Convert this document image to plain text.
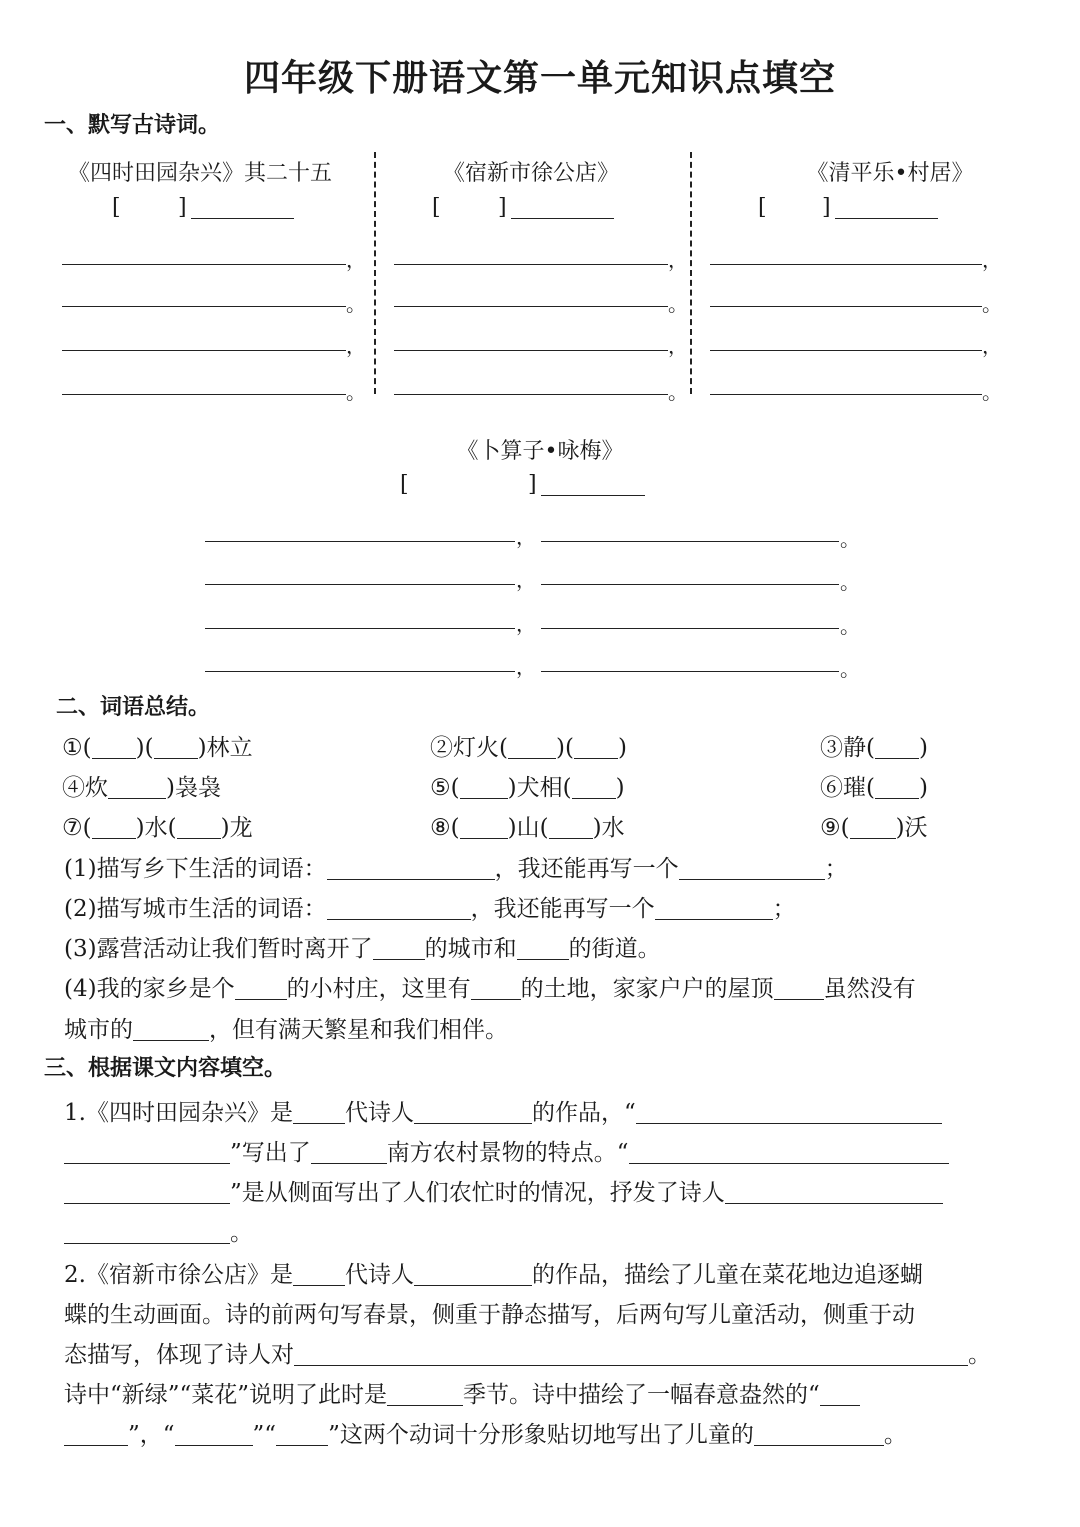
四年级下册语文第一单元知识点填空
一、默写古诗词。
《四时田园杂兴》其二十五
[	]
，
。
，
。
《宿新市徐公店》
[	]
，
。
，
。
《清平乐•村居》
[	]
，
。
，
。
《卜算子•咏梅》
[	]
，	。
，	。
，	。
，	。
二、词语总结。
①( )( )林立	②灯火( )( )	③静( )
④炊	)袅袅	⑤( )犬相( )	⑥璀( )
⑦( )水( )龙	⑧( )山( )水	⑨( )沃
(1)描写乡下生活的词语：	，我还能再写一个	；
(2)描写城市生活的词语：	，我还能再写一个	；
(3)露营活动让我们暂时离开了 的城市和 的街道。
(4)我的家乡是个 的小村庄，这里有 的土地，家家户户的屋顶 虽然没有
城市的	，但有满天繁星和我们相伴。
三、根据课文内容填空。
1.《四时田园杂兴》是 代诗人	的作品，“
”写出了	南方农村景物的特点。“
”是从侧面写出了人们农忙时的情况，抒发了诗人
。
2.《宿新市徐公店》是 代诗人	的作品，描绘了儿童在菜花地边追逐蝴
蝶的生动画面。诗的前两句写春景，侧重于静态描写，后两句写儿童活动，侧重于动
态描写，体现了诗人对	。
诗中“新绿”“菜花”说明了此时是	季节。诗中描绘了一幅春意盎然的“
”，“	”“ ”这两个动词十分形象贴切地写出了儿童的	。
